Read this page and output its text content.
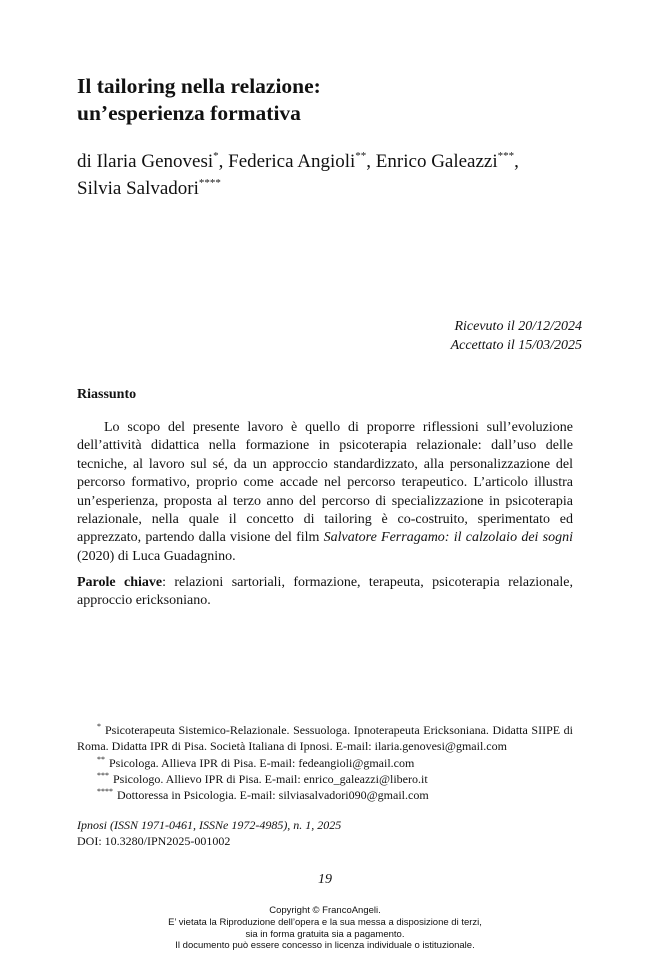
Il tailoring nella relazione:
un’esperienza formativa
di Ilaria Genovesi*, Federica Angioli**, Enrico Galeazzi***,
Silvia Salvadori****
Ricevuto il 20/12/2024
Accettato il 15/03/2025
Riassunto

Lo scopo del presente lavoro è quello di proporre riflessioni sull’evoluzione dell’attività didattica nella formazione in psicoterapia relazionale: dall’uso delle tecniche, al lavoro sul sé, da un approccio standardizzato, alla personalizzazione del percorso formativo, proprio come accade nel percorso terapeutico. L’articolo illustra un’esperienza, proposta al terzo anno del percorso di specializzazione in psicoterapia relazionale, nella quale il concetto di tailoring è co-costruito, sperimentato ed apprezzato, partendo dalla visione del film Salvatore Ferragamo: il calzolaio dei sogni (2020) di Luca Guadagnino.

Parole chiave: relazioni sartoriali, formazione, terapeuta, psicoterapia relazionale, approccio ericksoniano.

* Psicoterapeuta Sistemico-Relazionale. Sessuologa. Ipnoterapeuta Ericksoniana. Didatta SIIPE di Roma. Didatta IPR di Pisa. Società Italiana di Ipnosi. E-mail: ilaria.genovesi@gmail.com

** Psicologa. Allieva IPR di Pisa. E-mail: fedeangioli@gmail.com

*** Psicologo. Allievo IPR di Pisa. E-mail: enrico_galeazzi@libero.it

**** Dottoressa in Psicologia. E-mail: silviasalvadori090@gmail.com

Ipnosi (ISSN 1971-0461, ISSNe 1972-4985), n. 1, 2025
DOI: 10.3280/IPN2025-001002
19
Copyright © FrancoAngeli.
E’ vietata la Riproduzione dell’opera e la sua messa a disposizione di terzi,
sia in forma gratuita sia a pagamento.
Il documento può essere concesso in licenza individuale o istituzionale.
